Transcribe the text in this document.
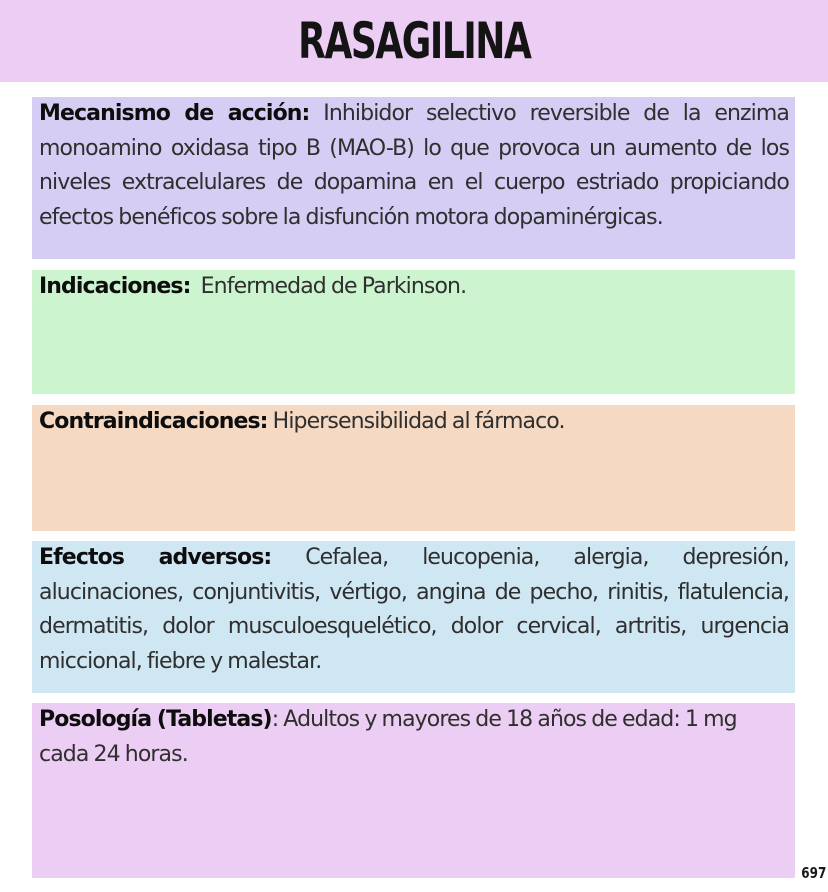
RASAGILINA
Mecanismo de acción: Inhibidor selectivo reversible de la enzima monoamino oxidasa tipo B (MAO-B) lo que provoca un aumento de los niveles extracelulares de dopamina en el cuerpo estriado propiciando efectos benéficos sobre la disfunción motora dopaminérgicas.
Indicaciones:  Enfermedad de Parkinson.
Contraindicaciones: Hipersensibilidad al fármaco.
Efectos adversos: Cefalea, leucopenia, alergia, depresión, alucinaciones, conjuntivitis, vértigo, angina de pecho, rinitis, flatulencia, dermatitis, dolor musculoesquelético, dolor cervical, artritis, urgencia miccional, fiebre y malestar.
Posología (Tabletas): Adultos y mayores de 18 años de edad: 1 mg cada 24 horas.
697
